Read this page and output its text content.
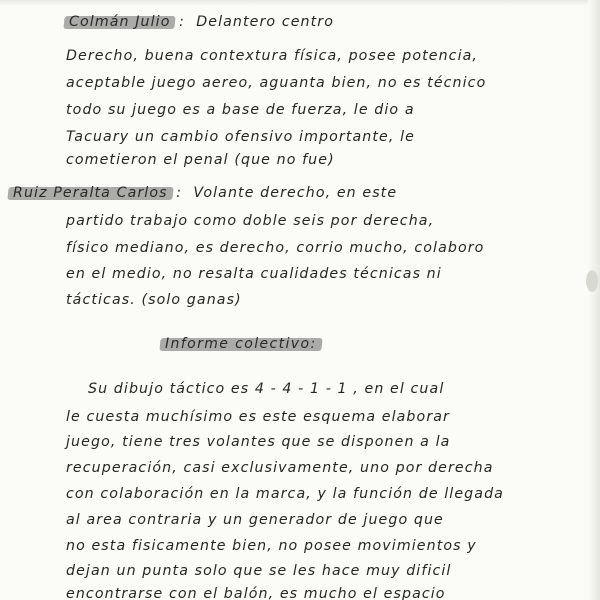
Colmán Julio :  Delantero centro
Derecho, buena contextura física, posee potencia,
aceptable juego aereo, aguanta bien, no es técnico
todo su juego es a base de fuerza, le dio a
Tacuary un cambio ofensivo importante, le
cometieron el penal (que no fue)
Ruiz Peralta Carlos :  Volante derecho, en este
partido trabajo como doble seis por derecha,
físico mediano, es derecho, corrio mucho, colaboro
en el medio, no resalta cualidades técnicas ni
tácticas. (solo ganas)
Informe colectivo:
Su dibujo táctico es 4 - 4 - 1 - 1 , en el cual
le cuesta muchísimo es este esquema elaborar
juego, tiene tres volantes que se disponen a la
recuperación, casi exclusivamente, uno por derecha
con colaboración en la marca, y la función de llegada
al area contraria y un generador de juego que
no esta fisicamente bien, no posee movimientos y
dejan un punta solo que se les hace muy dificil
encontrarse con el balón, es mucho el espacio
